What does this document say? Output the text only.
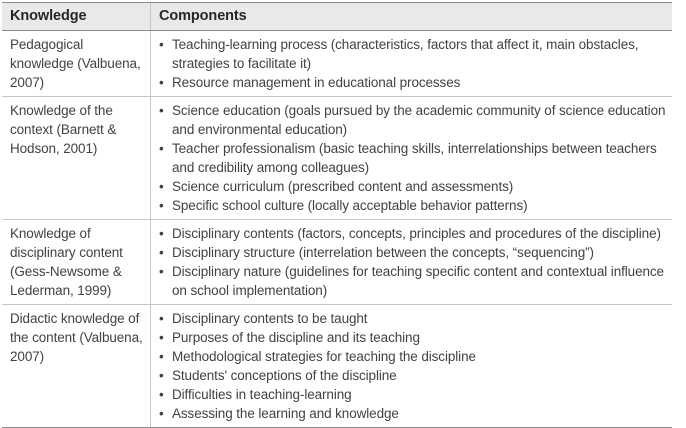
Knowledge	Components
Pedagogical knowledge (Valbuena, 2007)	
• Teaching-learning process (characteristics, factors that affect it, main obstacles, strategies to facilitate it)
• Resource management in educational processes

Knowledge of the context (Barnett & Hodson, 2001)	
• Science education (goals pursued by the academic community of science education and environmental education)
• Teacher professionalism (basic teaching skills, interrelationships between teachers and credibility among colleagues)
• Science curriculum (prescribed content and assessments)
• Specific school culture (locally acceptable behavior patterns)

Knowledge of disciplinary content (Gess-Newsome & Lederman, 1999)	
• Disciplinary contents (factors, concepts, principles and procedures of the discipline)
• Disciplinary structure (interrelation between the concepts, “sequencing”)
• Disciplinary nature (guidelines for teaching specific content and contextual influence on school implementation)

Didactic knowledge of the content (Valbuena, 2007)	
• Disciplinary contents to be taught
• Purposes of the discipline and its teaching
• Methodological strategies for teaching the discipline
• Students' conceptions of the discipline
• Difficulties in teaching-learning
• Assessing the learning and knowledge
